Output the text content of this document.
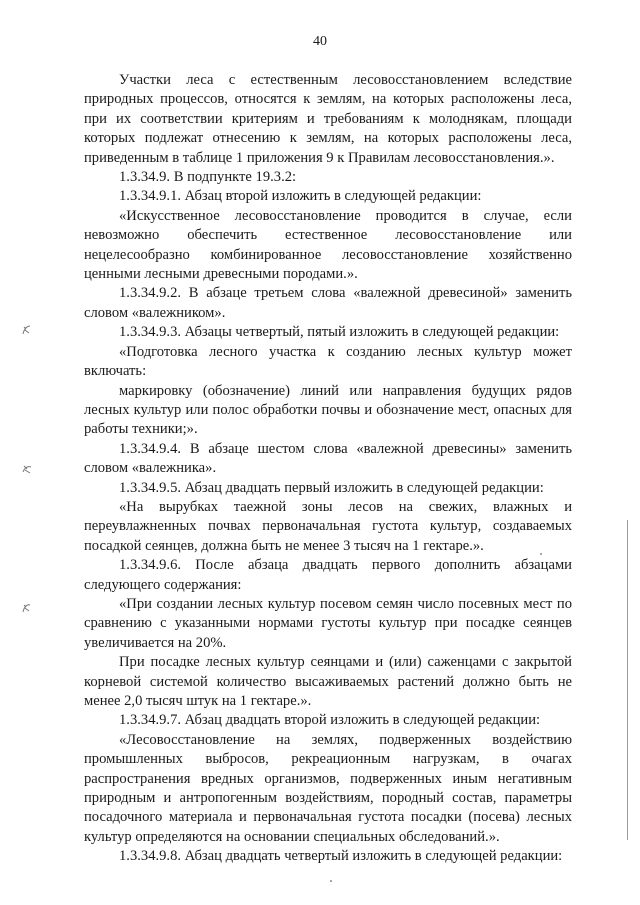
40

Участки леса с естественным лесовосстановлением вследствие природных процессов, относятся к землям, на которых расположены леса, при их соответствии критериям и требованиям к молоднякам, площади которых подлежат отнесению к землям, на которых расположены леса, приведенным в таблице 1 приложения 9 к Правилам лесовосстановления.».

1.3.34.9. В подпункте 19.3.2:

1.3.34.9.1. Абзац второй изложить в следующей редакции:

«Искусственное лесовосстановление проводится в случае, если невозможно обеспечить естественное лесовосстановление или нецелесообразно комбинированное лесовосстановление хозяйственно ценными лесными древесными породами.».

1.3.34.9.2. В абзаце третьем слова «валежной древесиной» заменить словом «валежником».

1.3.34.9.3. Абзацы четвертый, пятый изложить в следующей редакции:

«Подготовка лесного участка к созданию лесных культур может включать:

маркировку (обозначение) линий или направления будущих рядов лесных культур или полос обработки почвы и обозначение мест, опасных для работы техники;».

1.3.34.9.4. В абзаце шестом слова «валежной древесины» заменить словом «валежника».

1.3.34.9.5. Абзац двадцать первый изложить в следующей редакции:

«На вырубках таежной зоны лесов на свежих, влажных и переувлажненных почвах первоначальная густота культур, создаваемых посадкой сеянцев, должна быть не менее 3 тысяч на 1 гектаре.».

1.3.34.9.6. После абзаца двадцать первого дополнить абзацами следующего содержания:

«При создании лесных культур посевом семян число посевных мест по сравнению с указанными нормами густоты культур при посадке сеянцев увеличивается на 20%.

При посадке лесных культур сеянцами и (или) саженцами с закрытой корневой системой количество высаживаемых растений должно быть не менее 2,0 тысяч штук на 1 гектаре.».

1.3.34.9.7. Абзац двадцать второй изложить в следующей редакции:

«Лесовосстановление на землях, подверженных воздействию промышленных выбросов, рекреационным нагрузкам, в очагах распространения вредных организмов, подверженных иным негативным природным и антропогенным воздействиям, породный состав, параметры посадочного материала и первоначальная густота посадки (посева) лесных культур определяются на основании специальных обследований.».

1.3.34.9.8. Абзац двадцать четвертый изложить в следующей редакции:
